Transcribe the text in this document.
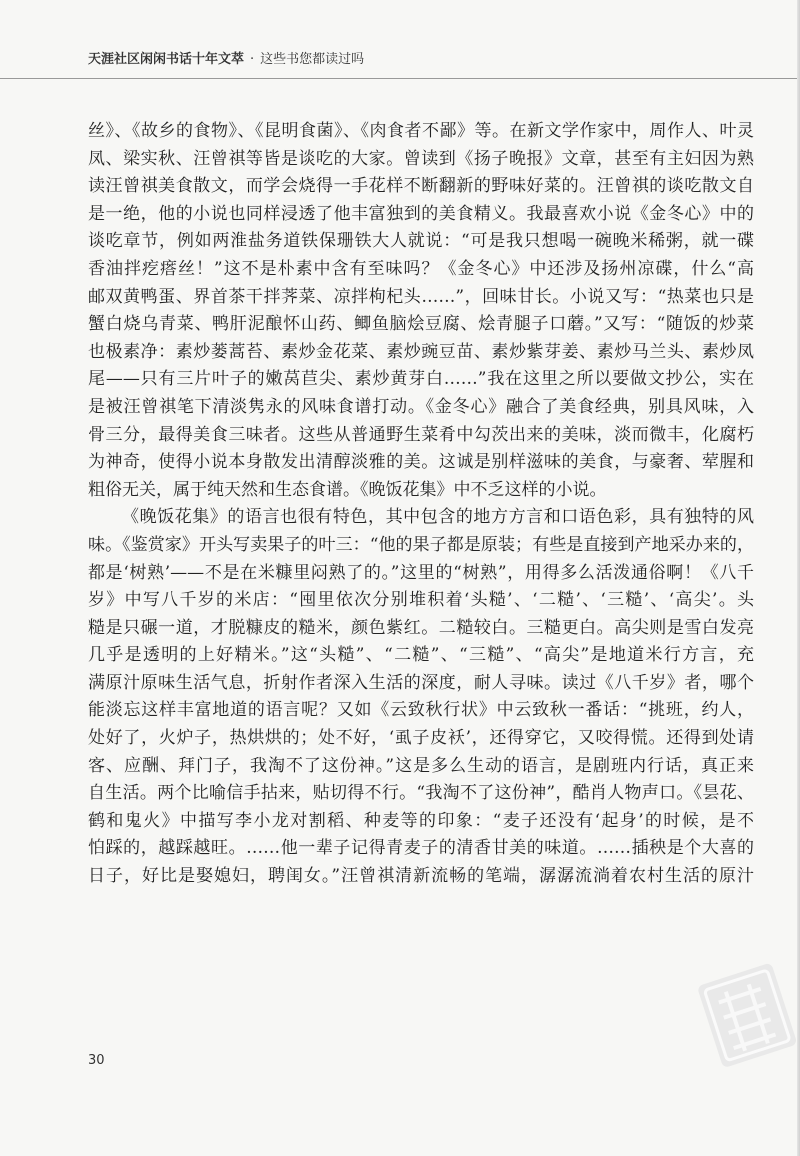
天涯社区闲闲书话十年文萃 · 这些书您都读过吗
丝》、《故乡的食物》、《昆明食菌》、《肉食者不鄙》等。在新文学作家中，周作人、叶灵
凤、梁实秋、汪曾祺等皆是谈吃的大家。曾读到《扬子晚报》文章，甚至有主妇因为熟
读汪曾祺美食散文，而学会烧得一手花样不断翻新的野味好菜的。汪曾祺的谈吃散文自
是一绝，他的小说也同样浸透了他丰富独到的美食精义。我最喜欢小说《金冬心》中的
谈吃章节，例如两淮盐务道铁保珊铁大人就说：“可是我只想喝一碗晚米稀粥，就一碟
香油拌疙瘩丝！”这不是朴素中含有至味吗？《金冬心》中还涉及扬州凉碟，什么“高
邮双黄鸭蛋、界首茶干拌荠菜、凉拌枸杞头……”，回味甘长。小说又写：“热菜也只是
蟹白烧乌青菜、鸭肝泥酿怀山药、鲫鱼脑烩豆腐、烩青腿子口蘑。”又写：“随饭的炒菜
也极素净：素炒蒌蒿苔、素炒金花菜、素炒豌豆苗、素炒紫芽姜、素炒马兰头、素炒凤
尾——只有三片叶子的嫩莴苣尖、素炒黄芽白……”我在这里之所以要做文抄公，实在
是被汪曾祺笔下清淡隽永的风味食谱打动。《金冬心》融合了美食经典，别具风味，入
骨三分，最得美食三味者。这些从普通野生菜肴中勾茨出来的美味，淡而微丰，化腐朽
为神奇，使得小说本身散发出清醇淡雅的美。这诚是别样滋味的美食，与豪奢、荤腥和
粗俗无关，属于纯天然和生态食谱。《晚饭花集》中不乏这样的小说。
《晚饭花集》的语言也很有特色，其中包含的地方方言和口语色彩，具有独特的风
味。《鉴赏家》开头写卖果子的叶三：“他的果子都是原装；有些是直接到产地采办来的，
都是‘树熟’——不是在米糠里闷熟了的。”这里的“树熟”，用得多么活泼通俗啊！《八千
岁》中写八千岁的米店：“囤里依次分别堆积着‘头糙’、‘二糙’、‘三糙’、‘高尖’。头
糙是只碾一道，才脱糠皮的糙米，颜色紫红。二糙较白。三糙更白。高尖则是雪白发亮
几乎是透明的上好精米。”这“头糙”、“二糙”、“三糙”、“高尖”是地道米行方言，充
满原汁原味生活气息，折射作者深入生活的深度，耐人寻味。读过《八千岁》者，哪个
能淡忘这样丰富地道的语言呢？又如《云致秋行状》中云致秋一番话：“挑班，约人，
处好了，火炉子，热烘烘的；处不好，‘虱子皮袄’，还得穿它，又咬得慌。还得到处请
客、应酬、拜门子，我淘不了这份神。”这是多么生动的语言，是剧班内行话，真正来
自生活。两个比喻信手拈来，贴切得不行。“我淘不了这份神”，酷肖人物声口。《昙花、
鹤和鬼火》中描写李小龙对割稻、种麦等的印象：“麦子还没有‘起身’的时候，是不
怕踩的，越踩越旺。……他一辈子记得青麦子的清香甘美的味道。……插秧是个大喜的
日子，好比是娶媳妇，聘闺女。”汪曾祺清新流畅的笔端，潺潺流淌着农村生活的原汁
30
